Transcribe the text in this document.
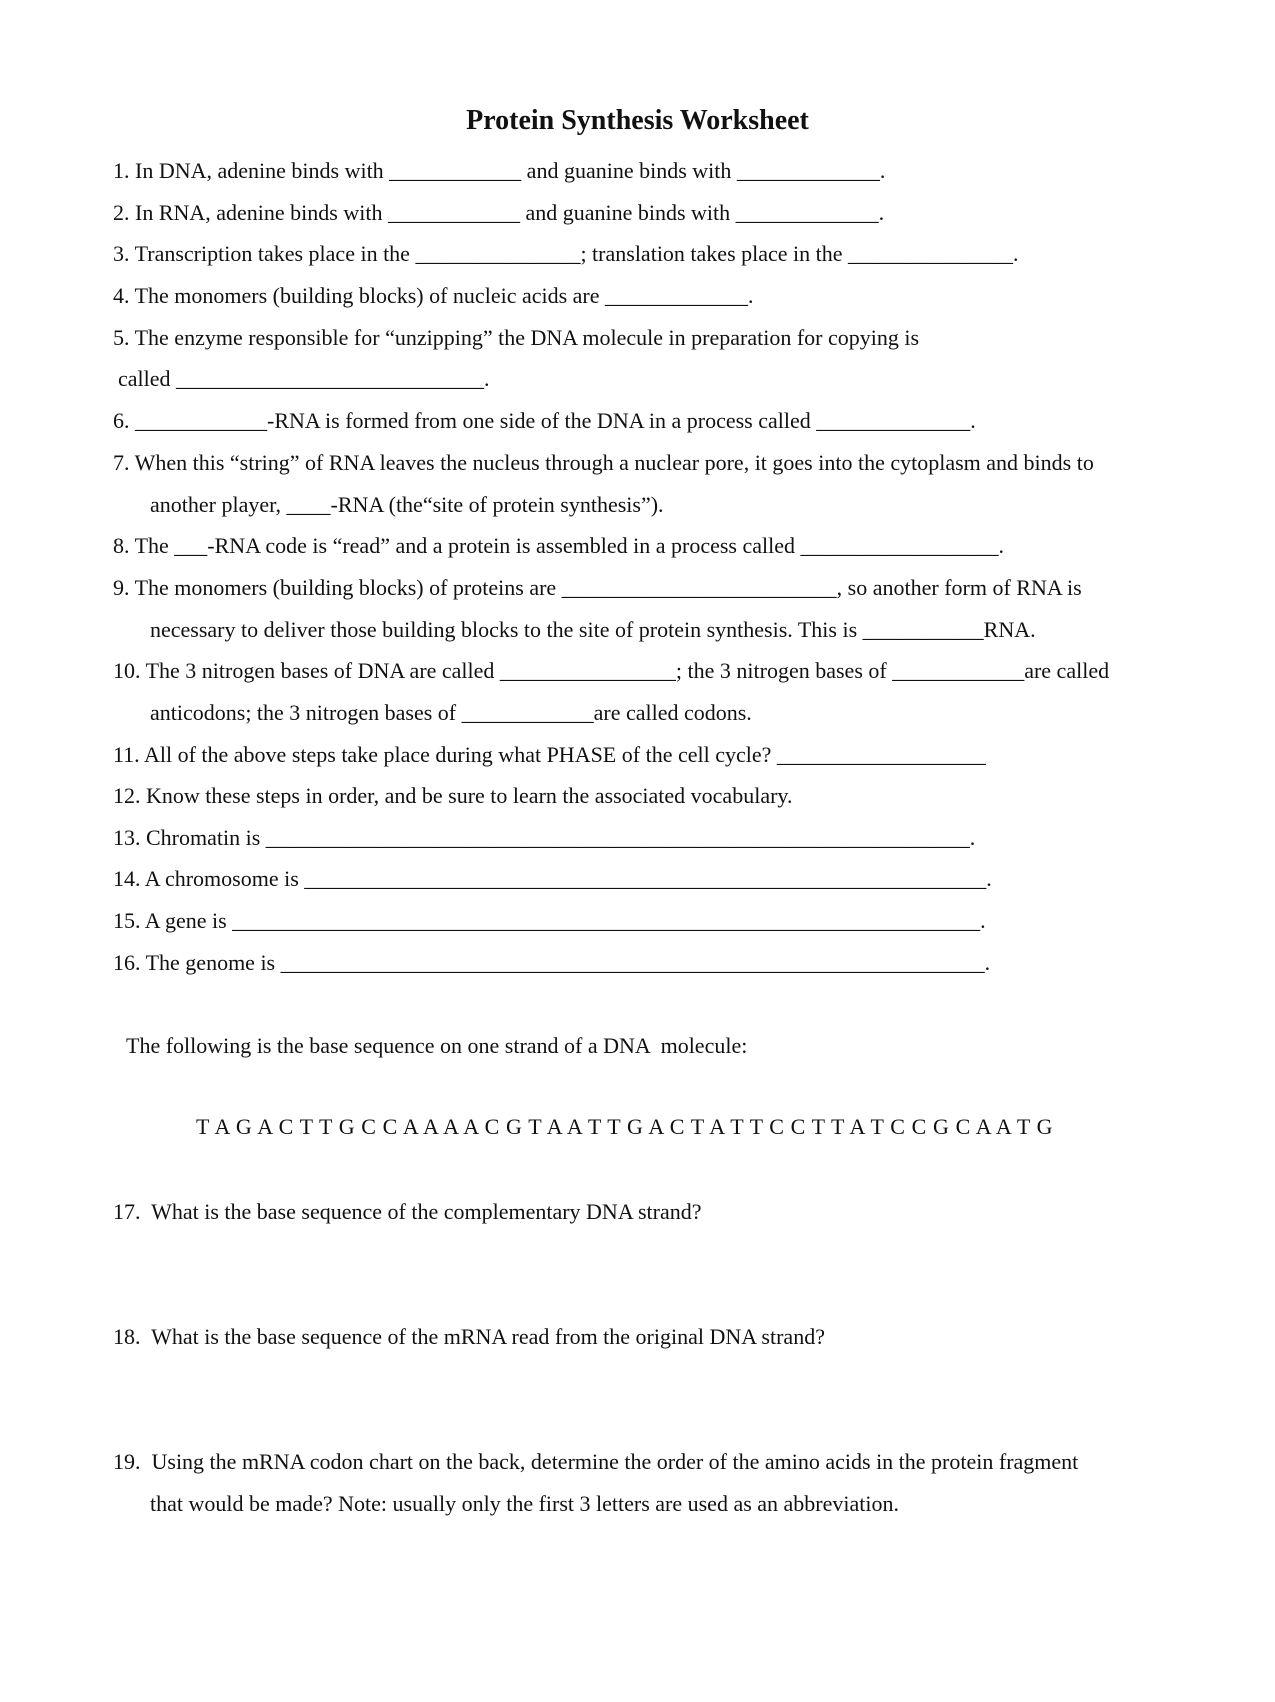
Protein Synthesis Worksheet
1. In DNA, adenine binds with ____________ and guanine binds with _____________.
2. In RNA, adenine binds with ____________ and guanine binds with _____________.
3. Transcription takes place in the _______________; translation takes place in the _______________.
4. The monomers (building blocks) of nucleic acids are _____________.
5. The enzyme responsible for “unzipping” the DNA molecule in preparation for copying is
called ____________________________.
6. ____________-RNA is formed from one side of the DNA in a process called ______________.
7. When this “string” of RNA leaves the nucleus through a nuclear pore, it goes into the cytoplasm and binds to
another player, ____-RNA (the“site of protein synthesis”).
8. The ___-RNA code is “read” and a protein is assembled in a process called __________________.
9. The monomers (building blocks) of proteins are _________________________, so another form of RNA is
necessary to deliver those building blocks to the site of protein synthesis. This is ___________RNA.
10. The 3 nitrogen bases of DNA are called ________________; the 3 nitrogen bases of ____________are called
anticodons; the 3 nitrogen bases of ____________are called codons.
11. All of the above steps take place during what PHASE of the cell cycle? ___________________
12. Know these steps in order, and be sure to learn the associated vocabulary.
13. Chromatin is ________________________________________________________________.
14. A chromosome is ______________________________________________________________.
15. A gene is ____________________________________________________________________.
16. The genome is ________________________________________________________________.
The following is the base sequence on one strand of a DNA  molecule:
T A G A C T T G C C A A A A C G T A A T T G A C T A T T C C T T A T C C G C A A T G
17.  What is the base sequence of the complementary DNA strand?
18.  What is the base sequence of the mRNA read from the original DNA strand?
19.  Using the mRNA codon chart on the back, determine the order of the amino acids in the protein fragment
that would be made? Note: usually only the first 3 letters are used as an abbreviation.
